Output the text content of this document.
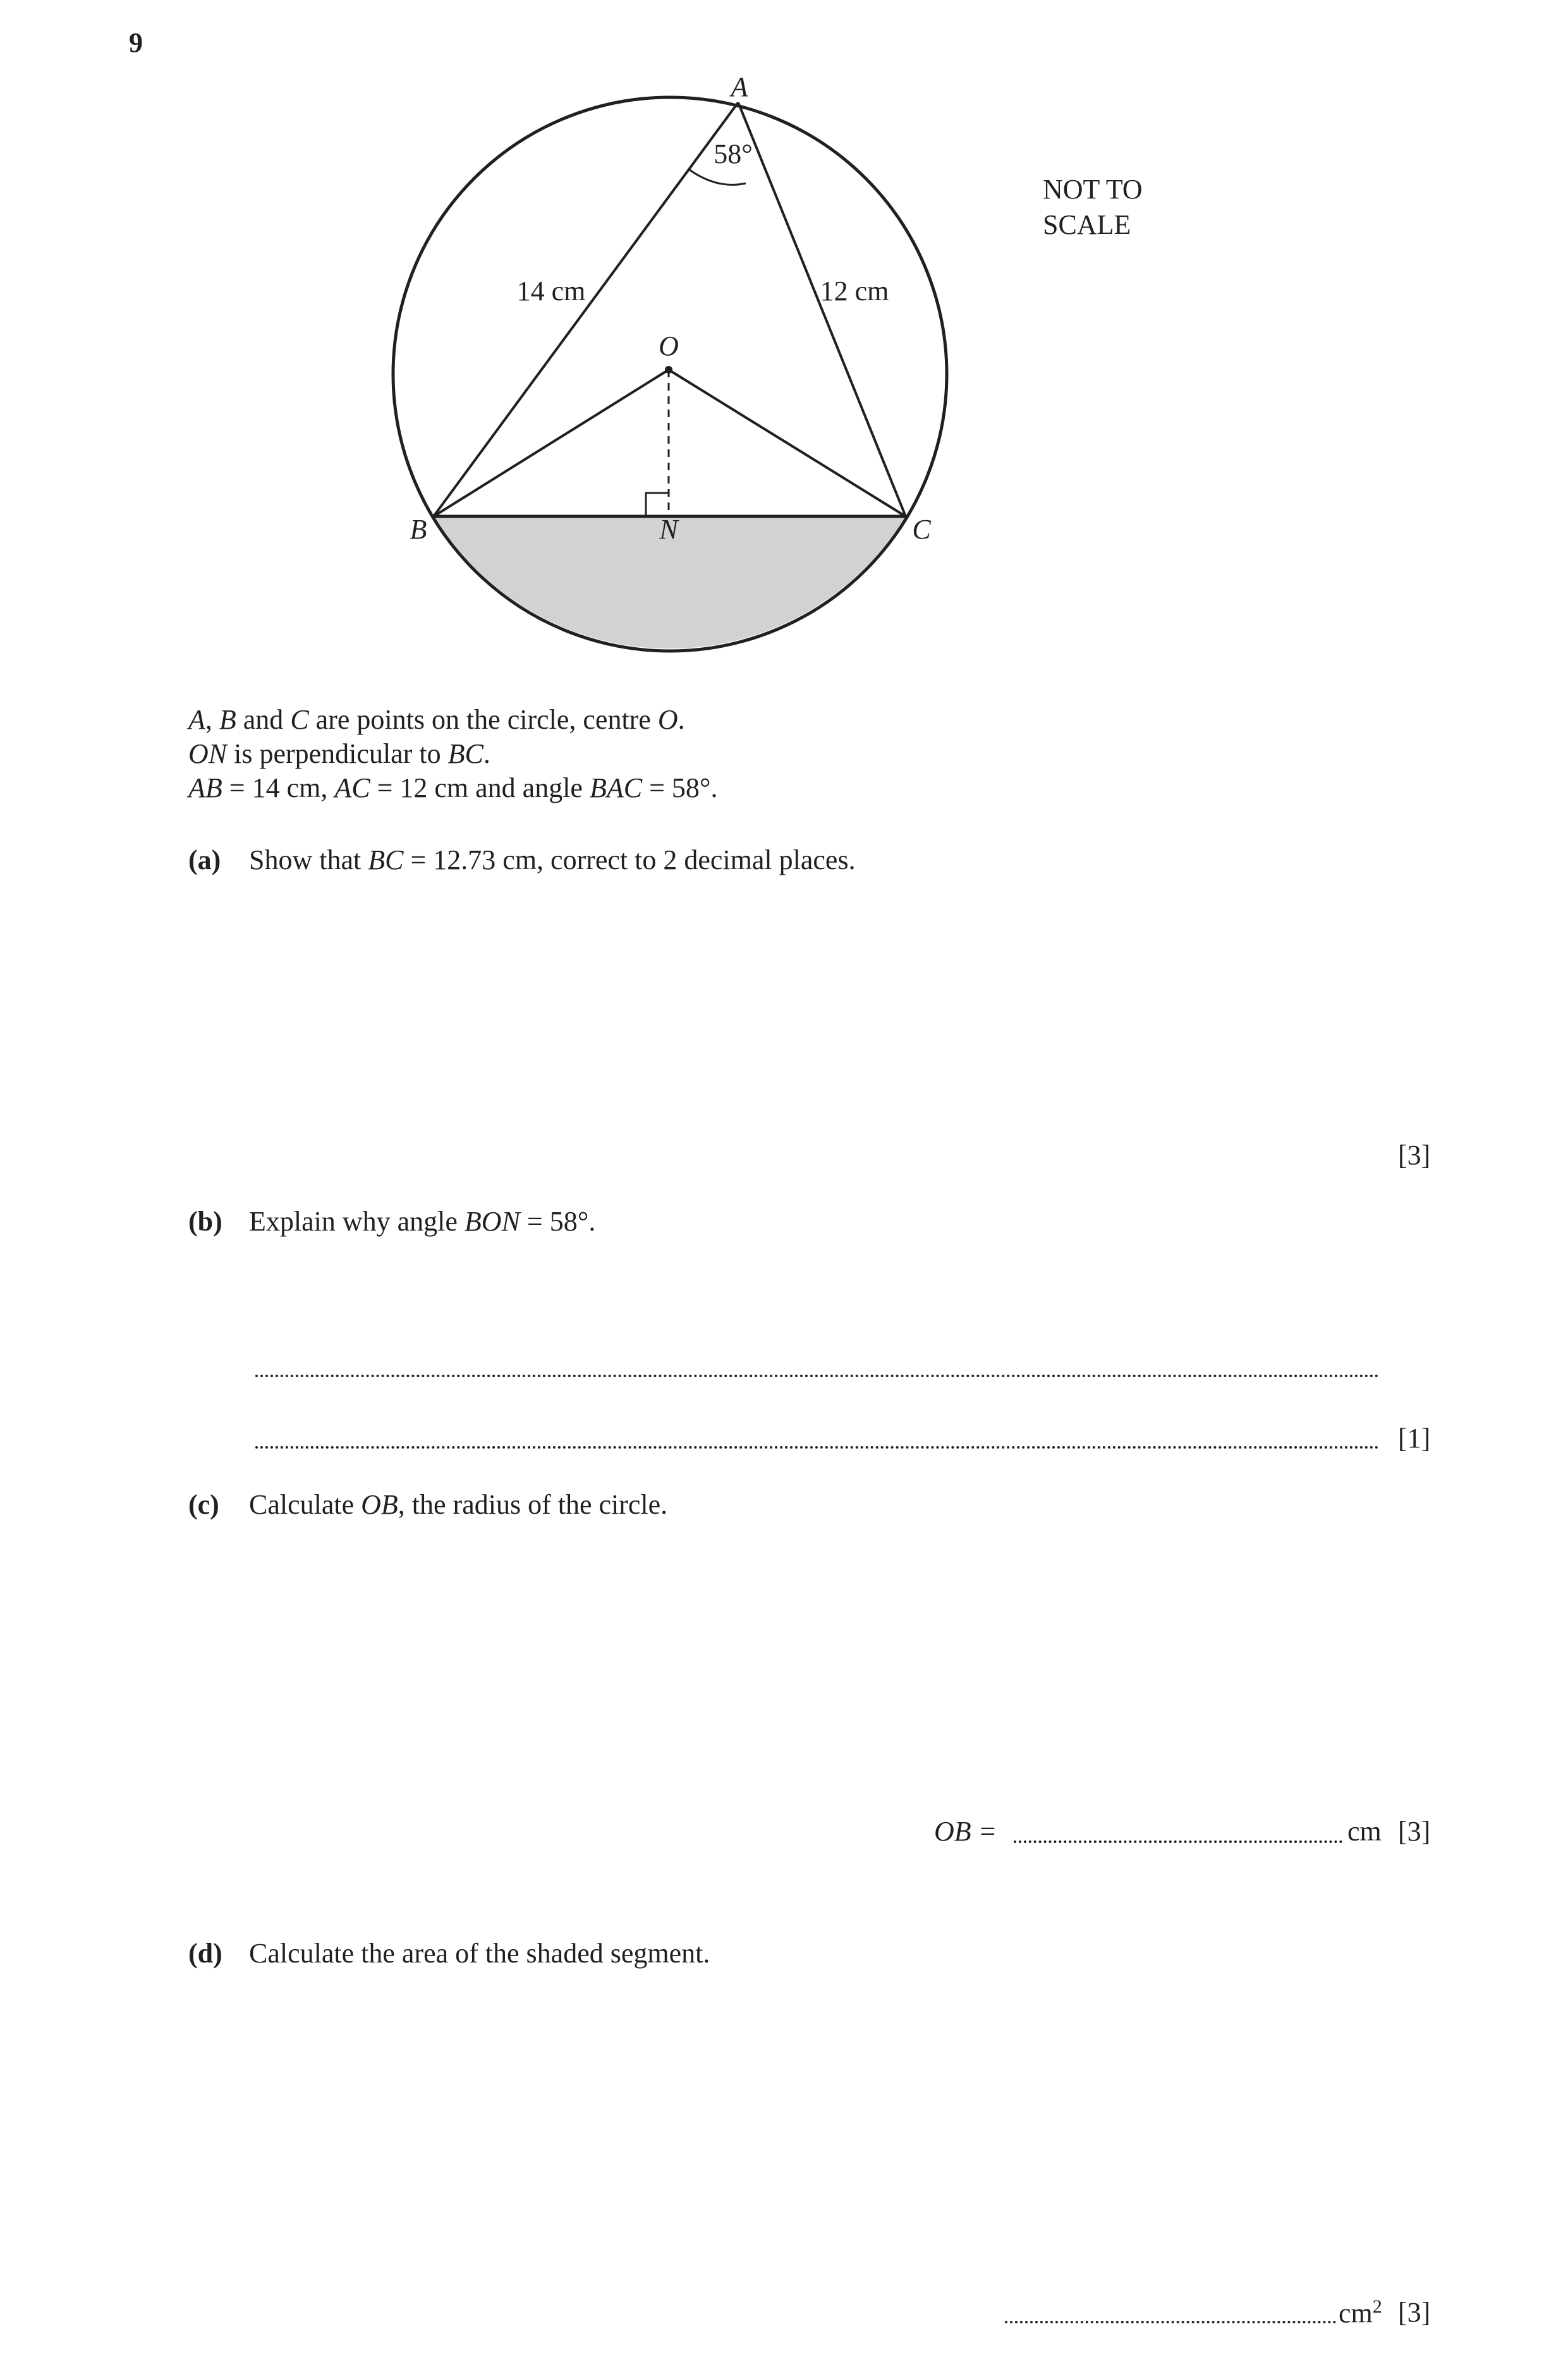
9
A
B	C
O
N
58°
14 cm	12 cm
NOT TO
SCALE
A, B and C are points on the circle, centre O.
ON is perpendicular to BC.
AB = 14 cm, AC = 12 cm and angle BAC = 58°.
(a) Show that BC = 12.73 cm, correct to 2 decimal places.
[3]
(b) Explain why angle BON = 58°.
[1]
(c) Calculate OB, the radius of the circle.
OB =	cm [3]
(d) Calculate the area of the shaded segment.
$cm^2$ [3]
